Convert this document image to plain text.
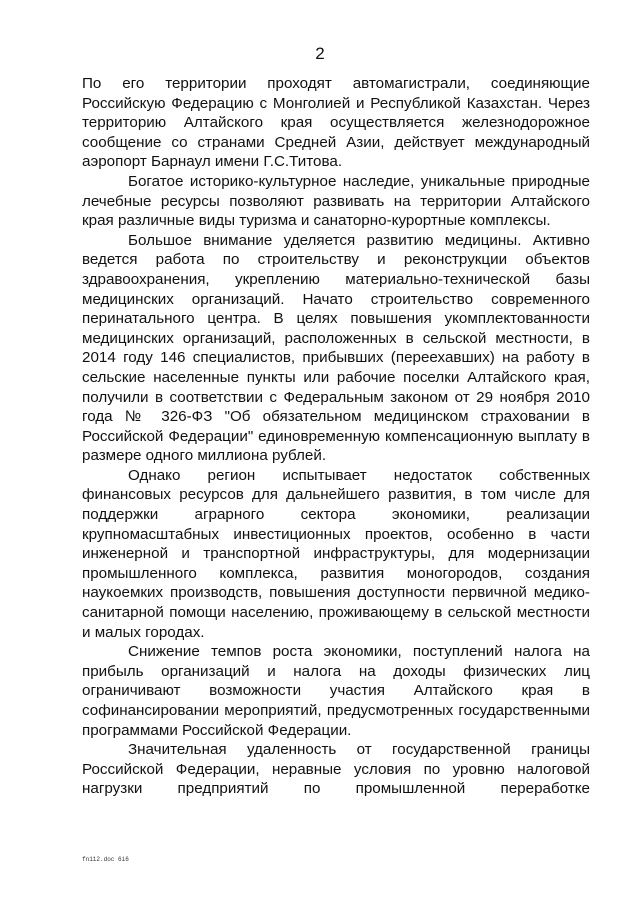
2

По его территории проходят автомагистрали, соединяющие Российскую Федерацию с Монголией и Республикой Казахстан. Через территорию Алтайского края осуществляется железнодорожное сообщение со странами Средней Азии, действует международный аэропорт Барнаул имени Г.С.Титова.

Богатое историко-культурное наследие, уникальные природные лечебные ресурсы позволяют развивать на территории Алтайского края различные виды туризма и санаторно-курортные комплексы.

Большое внимание уделяется развитию медицины. Активно ведется работа по строительству и реконструкции объектов здравоохранения, укреплению материально-технической базы медицинских организаций. Начато строительство современного перинатального центра. В целях повышения укомплектованности медицинских организаций, расположенных в сельской местности, в 2014 году 146 специалистов, прибывших (переехавших) на работу в сельские населенные пункты или рабочие поселки Алтайского края, получили в соответствии с Федеральным законом от 29 ноября 2010 года № 326-ФЗ "Об обязательном медицинском страховании в Российской Федерации" единовременную компенсационную выплату в размере одного миллиона рублей.

Однако регион испытывает недостаток собственных финансовых ресурсов для дальнейшего развития, в том числе для поддержки аграрного сектора экономики, реализации крупномасштабных инвестиционных проектов, особенно в части инженерной и транспортной инфраструктуры, для модернизации промышленного комплекса, развития моногородов, создания наукоемких производств, повышения доступности первичной медико-санитарной помощи населению, проживающему в сельской местности и малых городах.

Снижение темпов роста экономики, поступлений налога на прибыль организаций и налога на доходы физических лиц ограничивают возможности участия Алтайского края в софинансировании мероприятий, предусмотренных государственными программами Российской Федерации.

Значительная удаленность от государственной границы Российской Федерации, неравные условия по уровню налоговой нагрузки предприятий по промышленной переработке

fn112.doc 6i6
